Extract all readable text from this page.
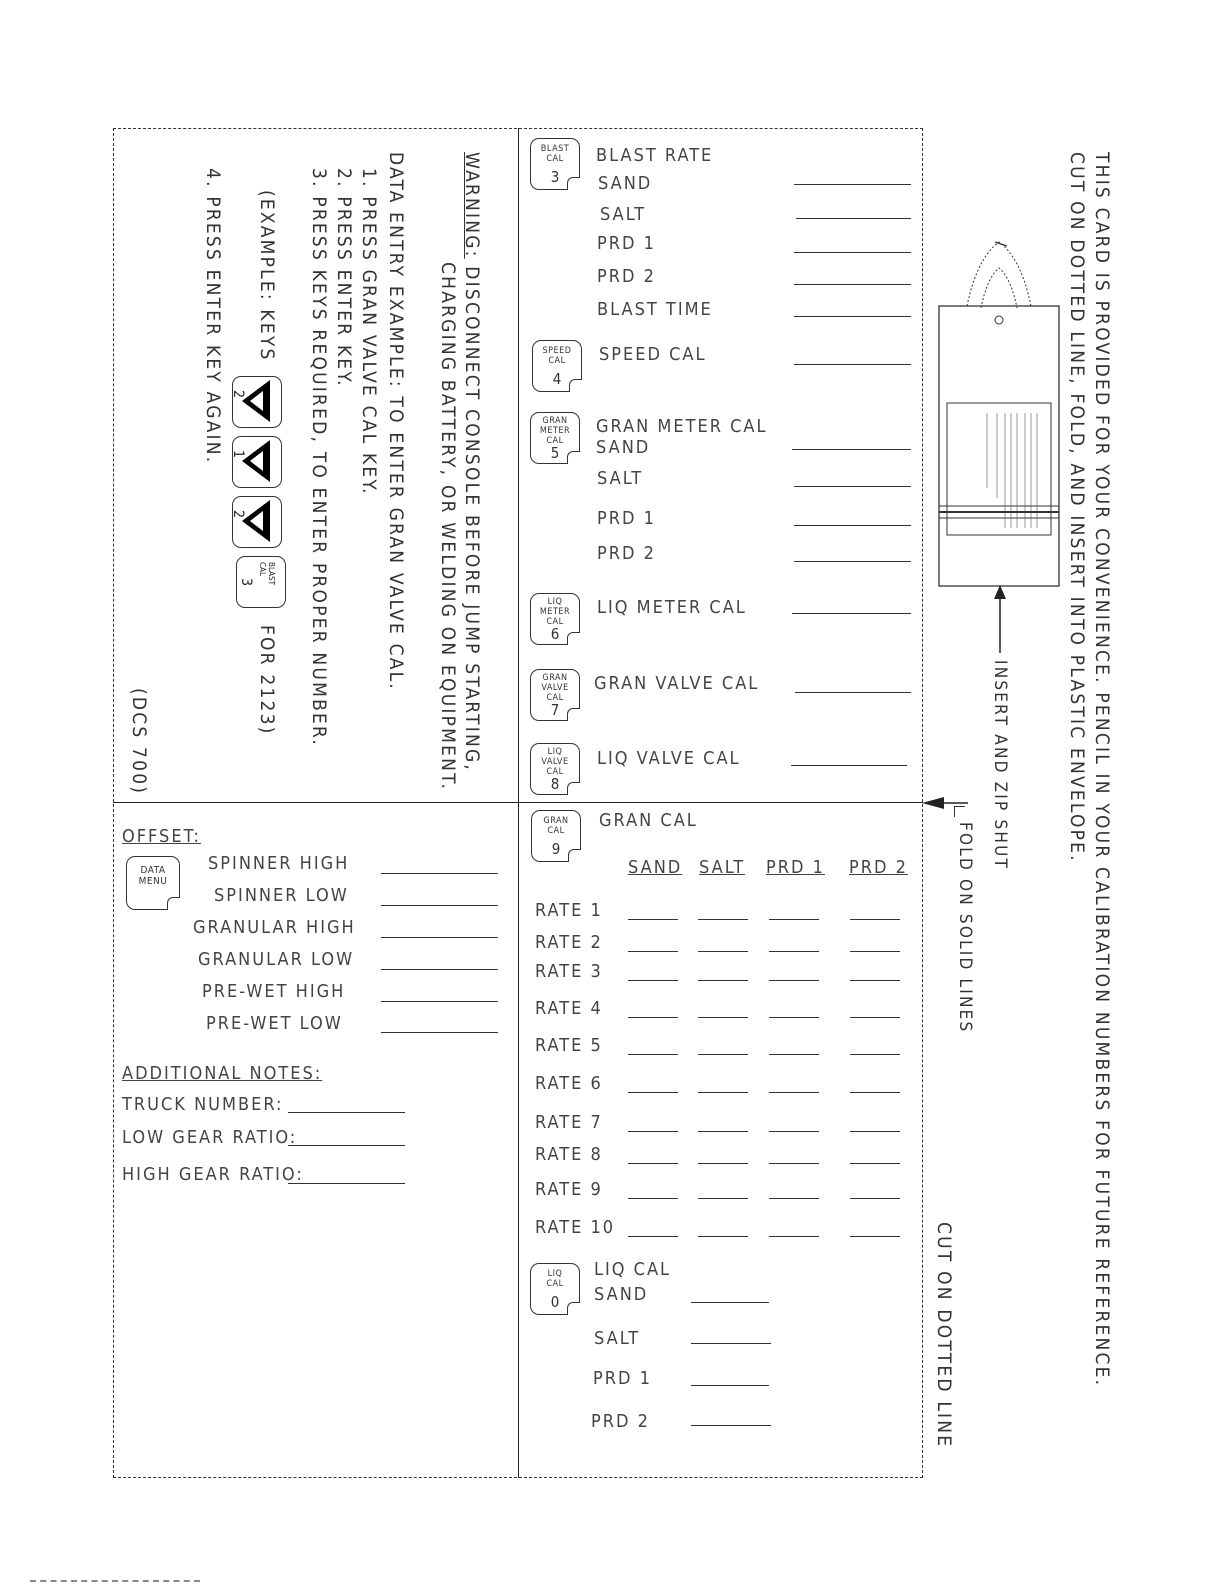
THIS CARD IS PROVIDED FOR YOUR CONVENIENCE. PENCIL IN YOUR CALIBRATION NUMBERS FOR FUTURE REFERENCE.
CUT ON DOTTED LINE, FOLD, AND INSERT INTO PLASTIC ENVELOPE.
INSERT AND ZIP SHUT
FOLD ON SOLID LINES
CUT ON DOTTED LINE
WARNING: DISCONNECT CONSOLE BEFORE JUMP STARTING,
CHARGING BATTERY, OR WELDING ON EQUIPMENT.
DATA ENTRY EXAMPLE: TO ENTER GRAN VALVE CAL.
1. PRESS GRAN VALVE CAL KEY.
2. PRESS ENTER KEY.
3. PRESS KEYS REQUIRED, TO ENTER PROPER NUMBER.
(EXAMPLE: KEYS
FOR 2123)
4. PRESS ENTER KEY AGAIN.
(DCS 700)
2
1
2
BLAST
CAL
3
BLAST
CAL
3
BLAST RATE
SAND
SALT
PRD 1
PRD 2
BLAST TIME
SPEED
CAL
4
SPEED CAL
GRAN
METER
CAL
5
GRAN METER CAL
SAND
SALT
PRD 1
PRD 2
LIQ
METER
CAL
6
LIQ METER CAL
GRAN
VALVE
CAL
7
GRAN VALVE CAL
LIQ
VALVE
CAL
8
LIQ VALVE CAL
OFFSET:
DATA
MENU
SPINNER HIGH
SPINNER LOW
GRANULAR HIGH
GRANULAR LOW
PRE-WET HIGH
PRE-WET LOW
ADDITIONAL NOTES:
TRUCK NUMBER:
LOW GEAR RATIO:
HIGH GEAR RATIO:
GRAN
CAL
9
GRAN CAL
SAND SALT PRD 1 PRD 2
RATE 1
RATE 2
RATE 3
RATE 4
RATE 5
RATE 6
RATE 7
RATE 8
RATE 9
RATE 10
LIQ
CAL
0
LIQ CAL
SAND
SALT
PRD 1
PRD 2
